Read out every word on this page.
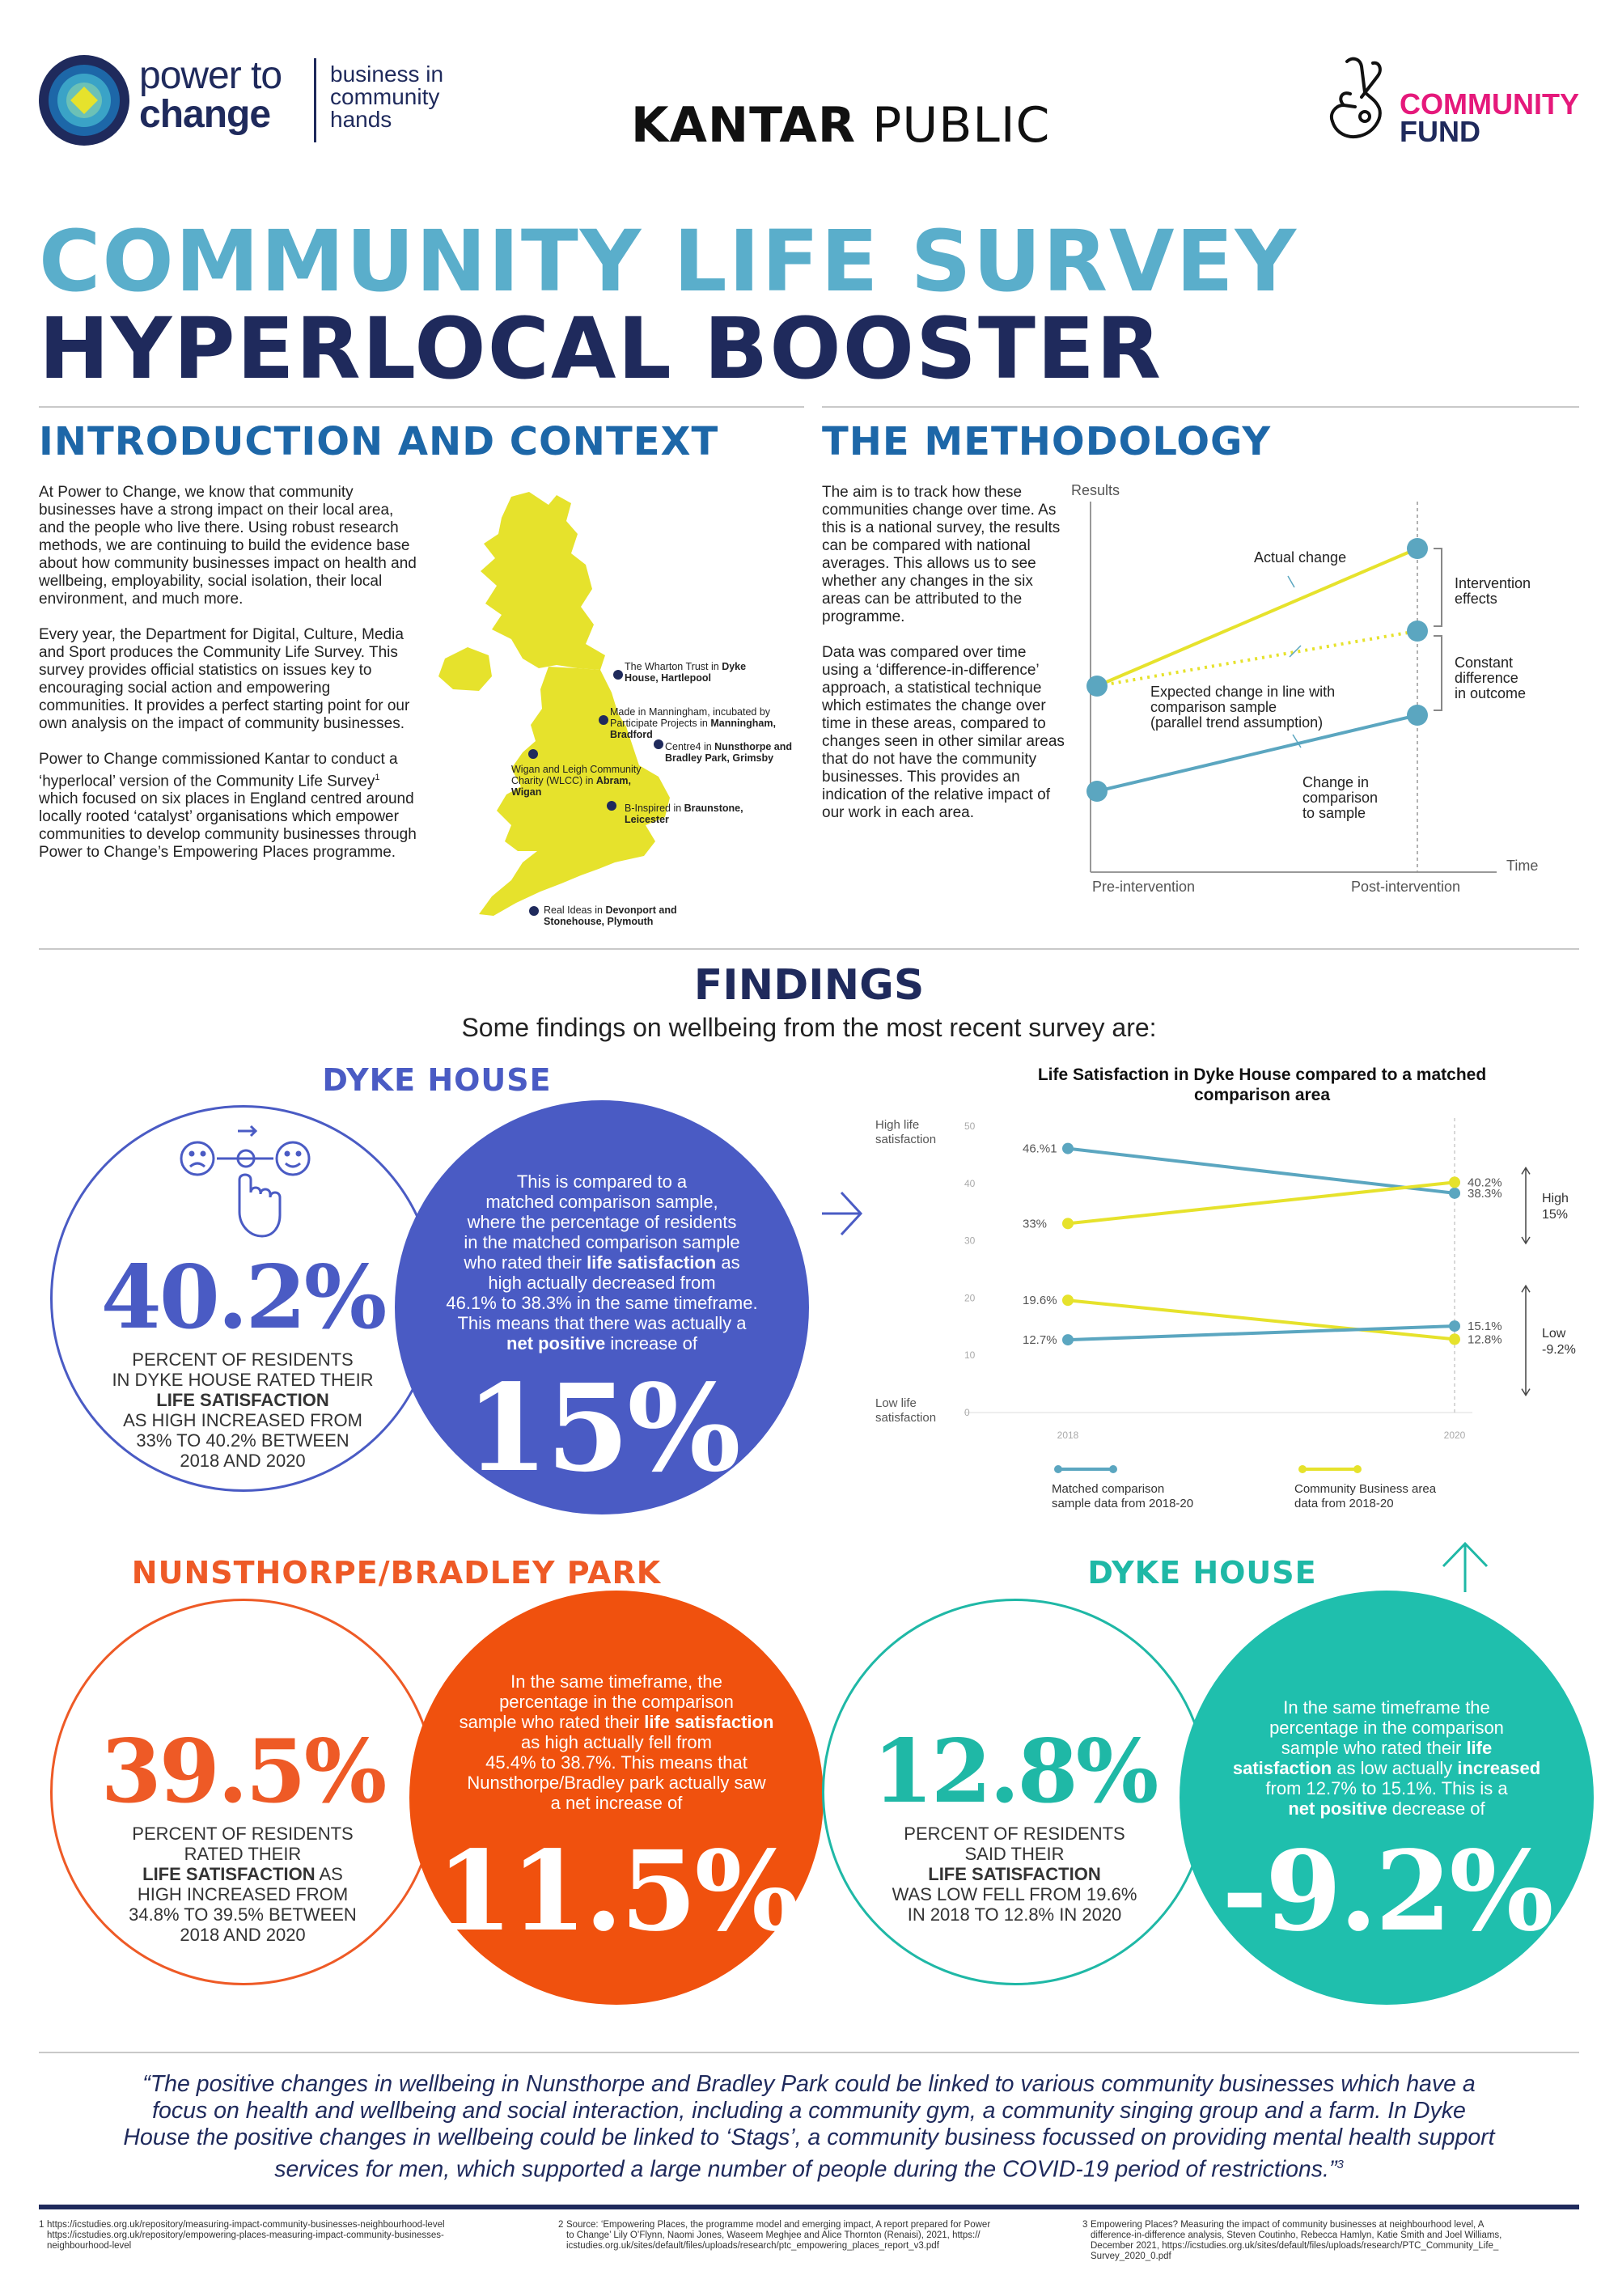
power to
change
business in
community
hands	KANTAR PUBLIC	COMMUNITY
FUND
COMMUNITY LIFE SURVEY
HYPERLOCAL BOOSTER
INTRODUCTION AND CONTEXT

At Power to Change, we know that community businesses have a strong impact on their local area, and the people who live there. Using robust research methods, we are continuing to build the evidence base about how community businesses impact on health and wellbeing, employability, social isolation, their local environment, and much more.

Every year, the Department for Digital, Culture, Media and Sport produces the Community Life Survey. This survey provides official statistics on issues key to encouraging social action and empowering communities. It provides a perfect starting point for our own analysis on the impact of community businesses.

Power to Change commissioned Kantar to conduct a ‘hyperlocal’ version of the Community Life Survey$^1$ which focused on six places in England centred around locally rooted ‘catalyst’ organisations which empower communities to develop community businesses through Power to Change’s Empowering Places programme.

The Wharton Trust in Dyke House, Hartlepool
Made in Manningham, incubated by Participate Projects in Manningham, Bradford
Centre4 in Nunsthorpe and Bradley Park, Grimsby
Wigan and Leigh Community Charity (WLCC) in Abram, Wigan
B-Inspired in Braunstone, Leicester
Real Ideas in Devonport and Stonehouse, Plymouth
THE METHODOLOGY

The aim is to track how these communities change over time. As this is a national survey, the results can be compared with national averages. This allows us to see whether any changes in the six areas can be attributed to the programme.

Data was compared over time using a ‘difference-in-difference’ approach, a statistical technique which estimates the change over time in these areas, compared to changes seen in other similar areas that do not have the community businesses. This provides an indication of the relative impact of our work in each area.

Results
Time
Pre-intervention	Post-intervention
Actual change
Expected change in line with
comparison sample
(parallel trend assumption)
Change in
comparison
to sample
Intervention
effects
Constant
difference
in outcome
FINDINGS
Some findings on wellbeing from the most recent survey are:
DYKE HOUSE
40.2%
PERCENT OF RESIDENTS
IN DYKE HOUSE RATED THEIR
LIFE SATISFACTION
AS HIGH INCREASED FROM
33% TO 40.2% BETWEEN
2018 AND 2020
This is compared to a
matched comparison sample,
where the percentage of residents
in the matched comparison sample
who rated their life satisfaction as
high actually decreased from
46.1% to 38.3% in the same timeframe.
This means that there was actually a
net positive increase of
15%
Life Satisfaction in Dyke House compared to a matched comparison area
High life satisfaction
Low life satisfaction	0
10
20
30
40
50
2018	2020
46.%1
38.3%
33%
40.2%
19.6%
12.8%
12.7%
15.1%
High
15%
Low
-9.2%
Matched comparison
sample data from 2018-20
Community Business area
data from 2018-20
NUNSTHORPE/BRADLEY PARK
39.5%
PERCENT OF RESIDENTS
RATED THEIR
LIFE SATISFACTION AS
HIGH INCREASED FROM
34.8% TO 39.5% BETWEEN
2018 AND 2020
In the same timeframe, the
percentage in the comparison
sample who rated their life satisfaction
as high actually fell from
45.4% to 38.7%. This means that
Nunsthorpe/Bradley park actually saw
a net increase of
11.5%
DYKE HOUSE
12.8%
PERCENT OF RESIDENTS
SAID THEIR
LIFE SATISFACTION
WAS LOW FELL FROM 19.6%
IN 2018 TO 12.8% IN 2020
In the same timeframe the
percentage in the comparison
sample who rated their life
satisfaction as low actually increased
from 12.7% to 15.1%. This is a
net positive decrease of
-9.2%
“The positive changes in wellbeing in Nunsthorpe and Bradley Park could be linked to various community businesses which have a
focus on health and wellbeing and social interaction, including a community gym, a community singing group and a farm. In Dyke
House the positive changes in wellbeing could be linked to ‘Stags’, a community business focussed on providing mental health support
services for men, which supported a large number of people during the COVID-19 period of restrictions.”$^3$
1 https://icstudies.org.uk/repository/measuring-impact-community-businesses-neighbourhood-level
https://icstudies.org.uk/repository/empowering-places-measuring-impact-community-businesses-
neighbourhood-level
2 Source: ‘Empowering Places, the programme model and emerging impact, A report prepared for Power
to Change’ Lily O’Flynn, Naomi Jones, Waseem Meghjee and Alice Thornton (Renaisi), 2021, https://
icstudies.org.uk/sites/default/files/uploads/research/ptc_empowering_places_report_v3.pdf
3 Empowering Places? Measuring the impact of community businesses at neighbourhood level, A
difference-in-difference analysis, Steven Coutinho, Rebecca Hamlyn, Katie Smith and Joel Williams,
December 2021, https://icstudies.org.uk/sites/default/files/uploads/research/PTC_Community_Life_
Survey_2020_0.pdf
